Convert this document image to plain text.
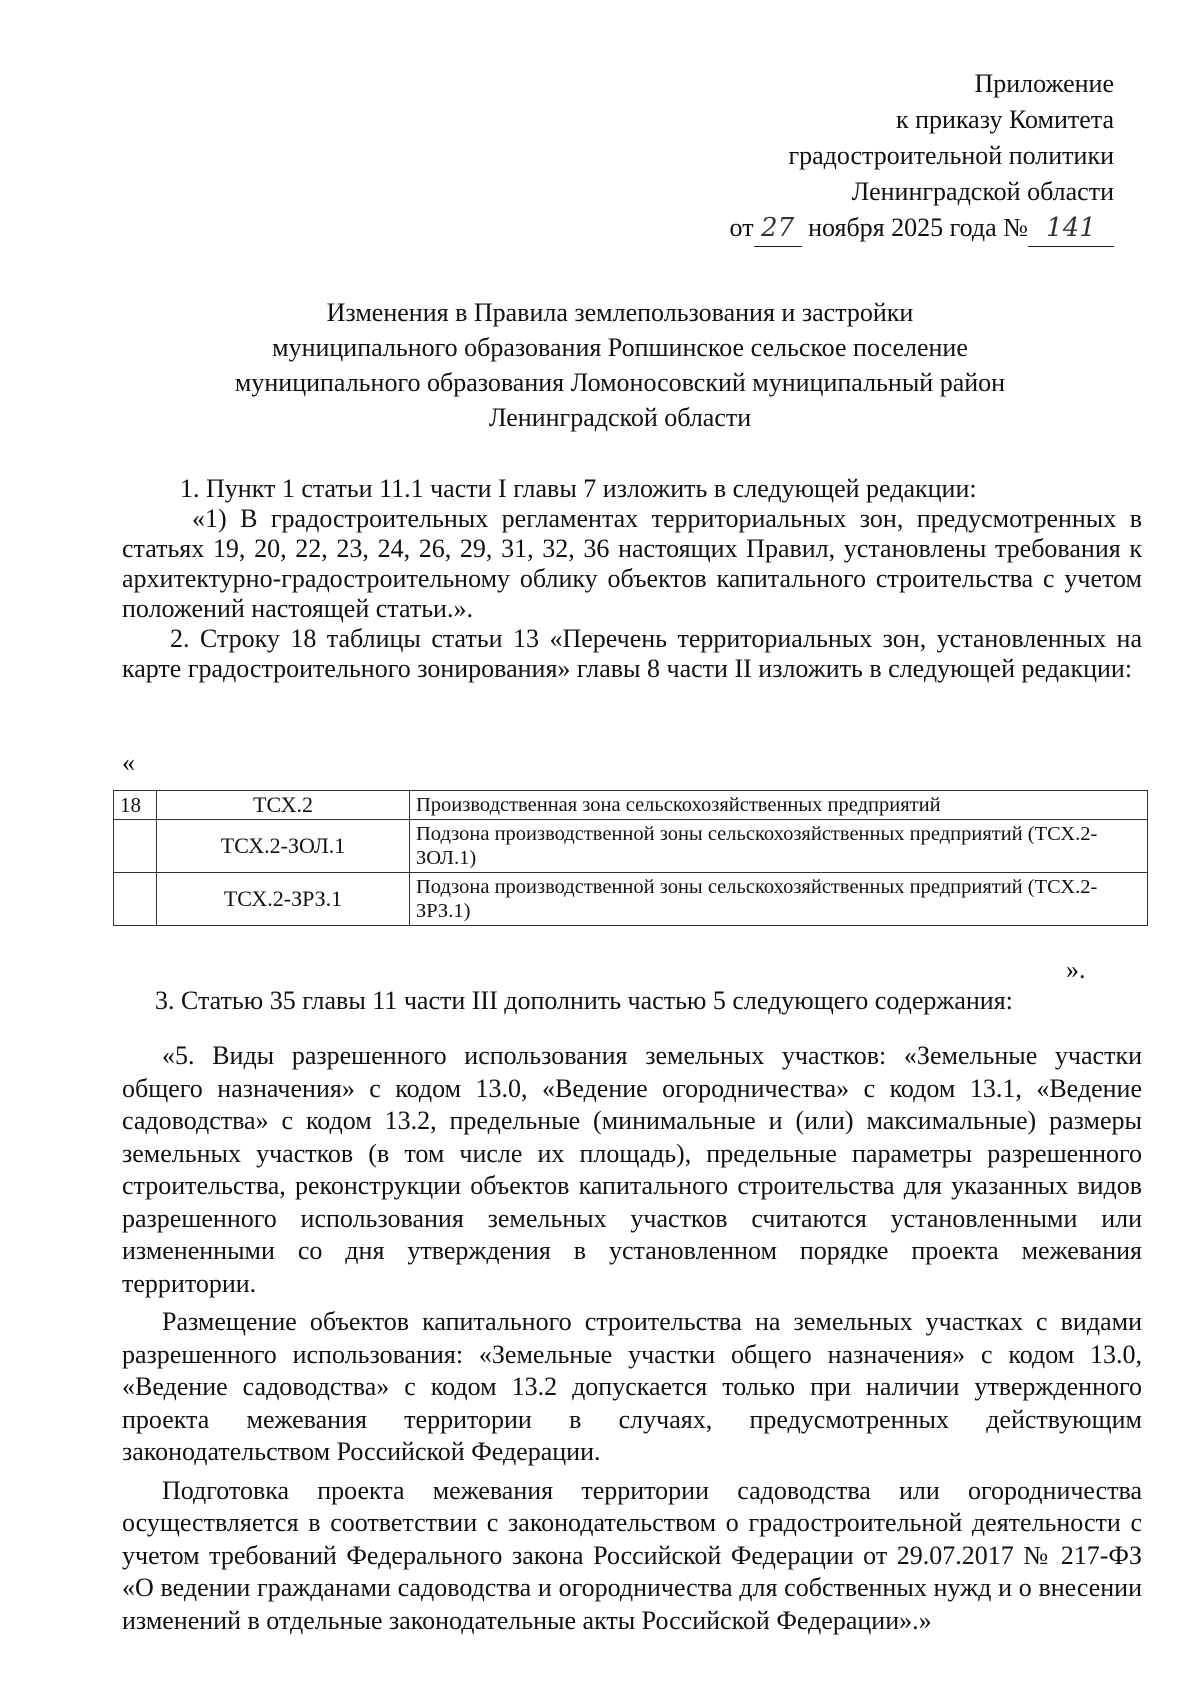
Приложение
к приказу Комитета
градостроительной политики
Ленинградской области
от 27 ноября 2025 года № 141
Изменения в Правила землепользования и застройки
муниципального образования Ропшинское сельское поселение
муниципального образования Ломоносовский муниципальный район
Ленинградской области

1. Пункт 1 статьи 11.1 части I главы 7 изложить в следующей редакции:

«1) В градостроительных регламентах территориальных зон, предусмотренных в статьях 19, 20, 22, 23, 24, 26, 29, 31, 32, 36 настоящих Правил, установлены требования к архитектурно-градостроительному облику объектов капитального строительства с учетом положений настоящей статьи.».

2. Строку 18 таблицы статьи 13 «Перечень территориальных зон, установленных на карте градостроительного зонирования» главы 8 части II изложить в следующей редакции:

«
18	ТСХ.2	Производственная зона сельскохозяйственных предприятий
	ТСХ.2-ЗОЛ.1	Подзона производственной зоны сельскохозяйственных предприятий (ТСХ.2-ЗОЛ.1)
	ТСХ.2-ЗРЗ.1	Подзона производственной зоны сельскохозяйственных предприятий (ТСХ.2-ЗРЗ.1)
».
3. Статью 35 главы 11 части III дополнить частью 5 следующего содержания:

«5. Виды разрешенного использования земельных участков: «Земельные участки общего назначения» с кодом 13.0, «Ведение огородничества» с кодом 13.1, «Ведение садоводства» с кодом 13.2, предельные (минимальные и (или) максимальные) размеры земельных участков (в том числе их площадь), предельные параметры разрешенного строительства, реконструкции объектов капитального строительства для указанных видов разрешенного использования земельных участков считаются установленными или измененными со дня утверждения в установленном порядке проекта межевания территории.

Размещение объектов капитального строительства на земельных участках с видами разрешенного использования: «Земельные участки общего назначения» с кодом 13.0, «Ведение садоводства» с кодом 13.2 допускается только при наличии утвержденного проекта межевания территории в случаях, предусмотренных действующим законодательством Российской Федерации.

Подготовка проекта межевания территории садоводства или огородничества осуществляется в соответствии с законодательством о градостроительной деятельности с учетом требований Федерального закона Российской Федерации от 29.07.2017 № 217-ФЗ «О ведении гражданами садоводства и огородничества для собственных нужд и о внесении изменений в отдельные законодательные акты Российской Федерации».»
